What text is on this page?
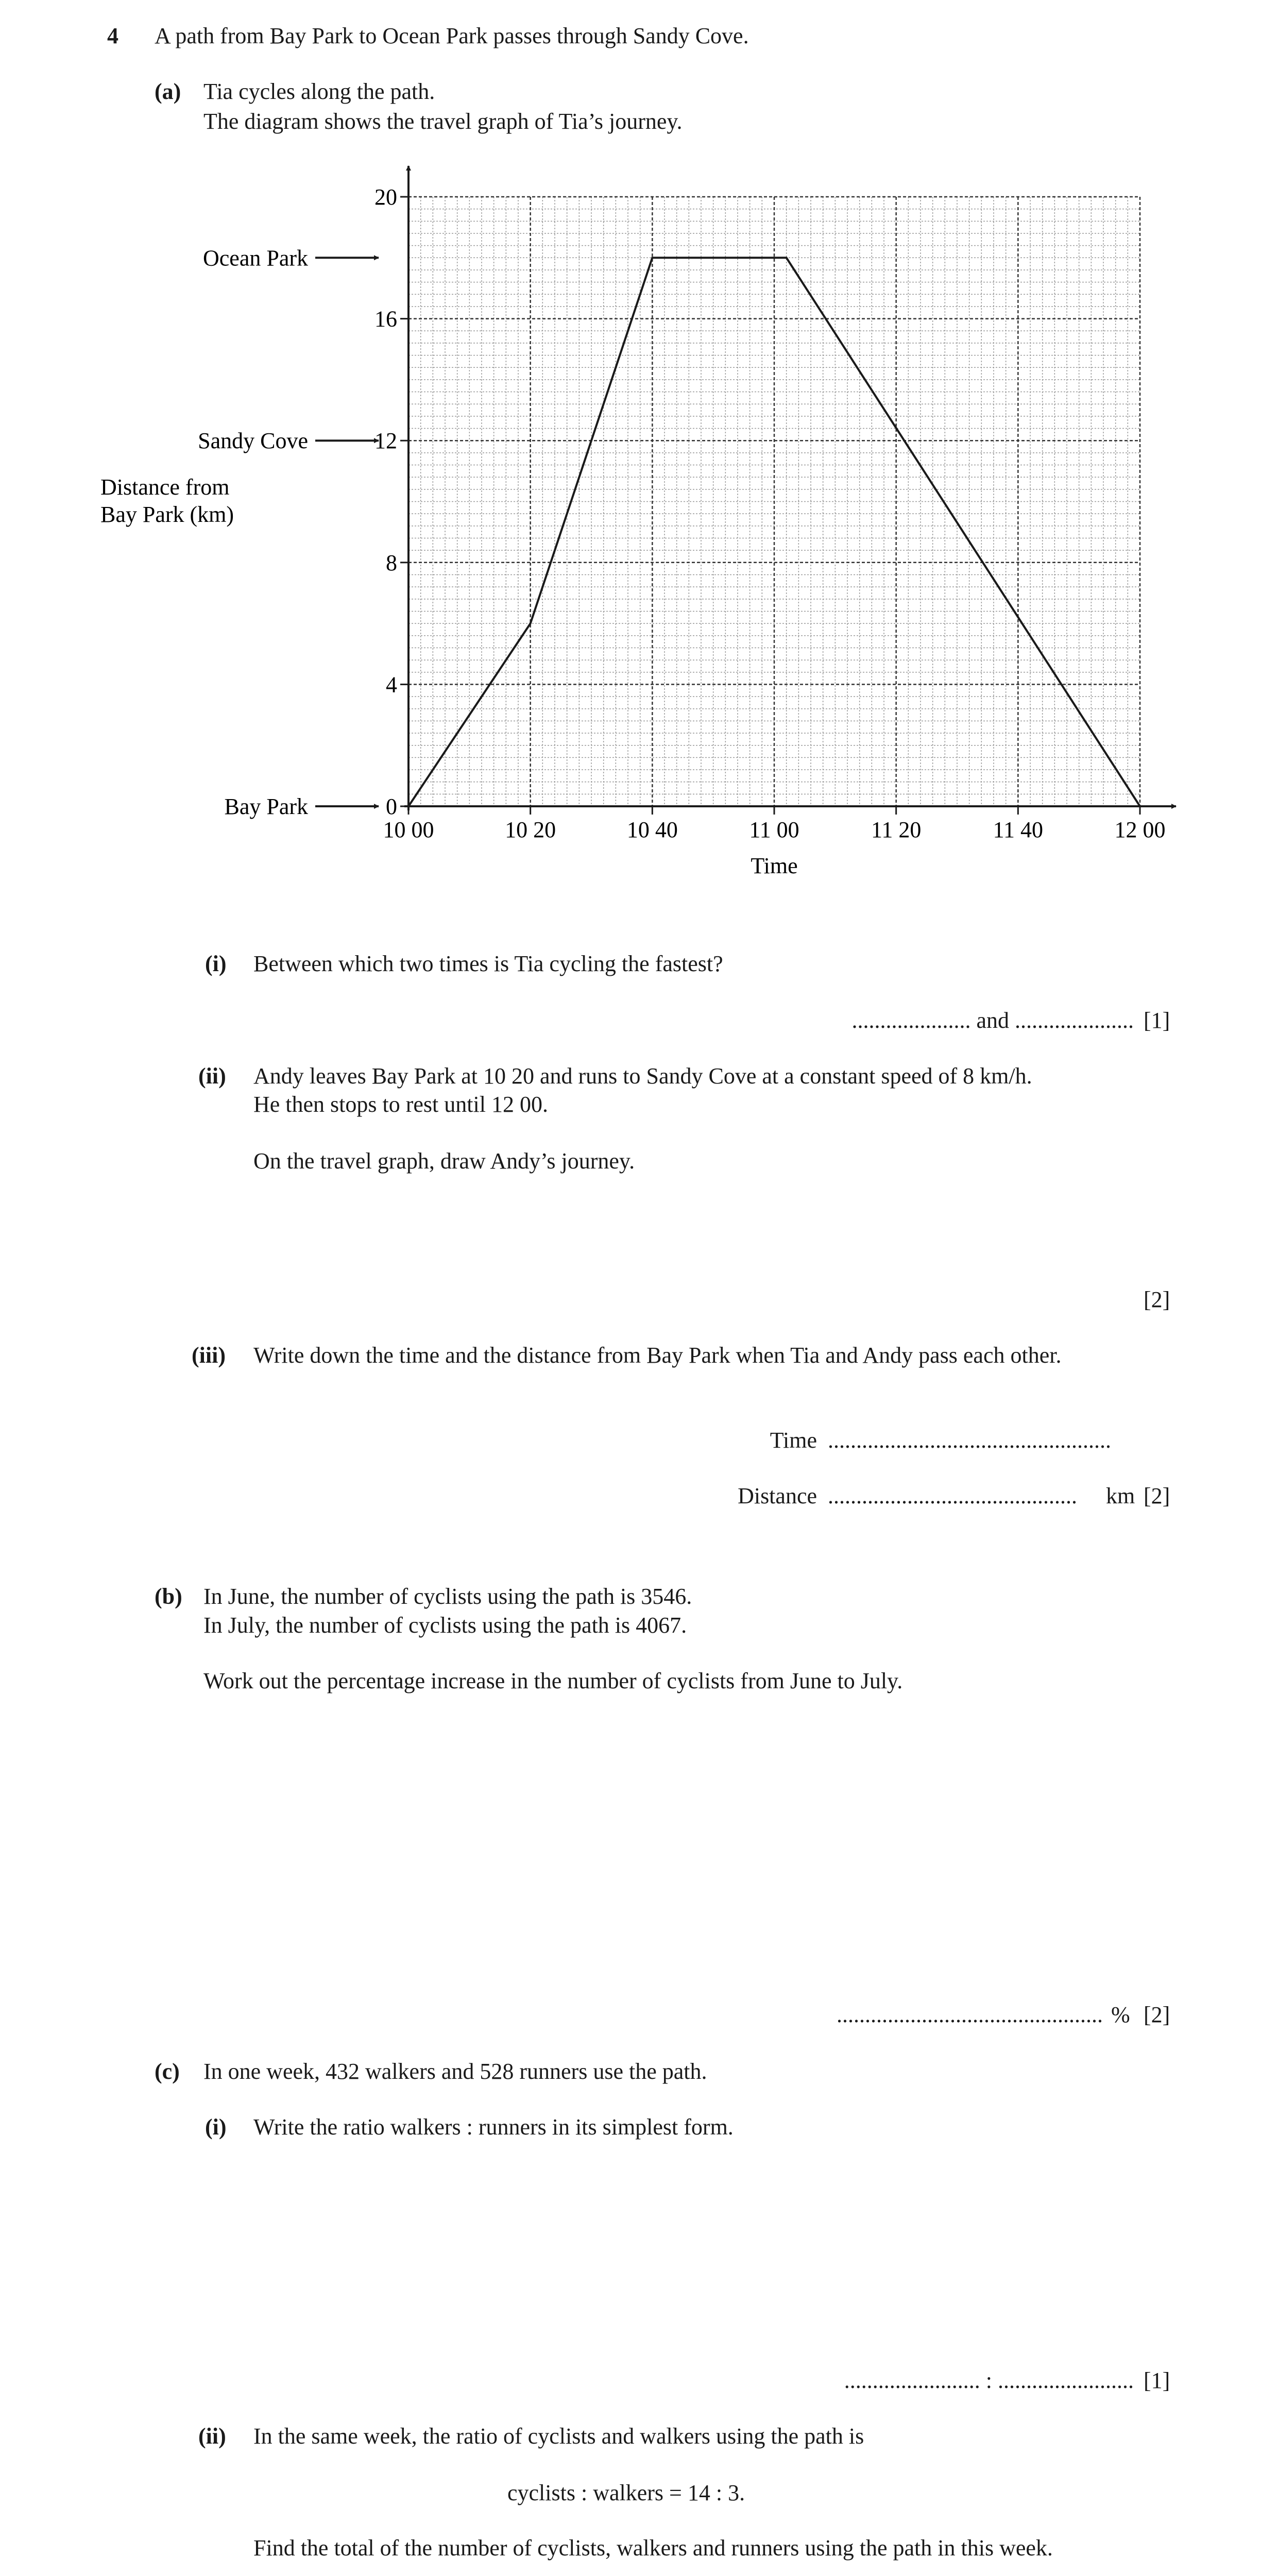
4 A path from Bay Park to Ocean Park passes through Sandy Cove.
(a) Tia cycles along the path.
The diagram shows the travel graph of Tia’s journey.
0
4
8
12
16
20
10 00	10 20	10 40	11 00	11 20	11 40	12 00
Bay Park
Sandy Cove
Ocean Park
Time
Distance from
Bay Park (km)
(i) Between which two times is Tia cycling the fastest?
..................... and ..................... [1]
(ii) Andy leaves Bay Park at 10 20 and runs to Sandy Cove at a constant speed of 8 km/h.
He then stops to rest until 12 00.
On the travel graph, draw Andy’s journey.
[2]
(iii) Write down the time and the distance from Bay Park when Tia and Andy pass each other.
Time ..................................................
Distance ............................................ km [2]
(b) In June, the number of cyclists using the path is 3546.
In July, the number of cyclists using the path is 4067.
Work out the percentage increase in the number of cyclists from June to July.
............................................... % [2]
(c) In one week, 432 walkers and 528 runners use the path.
(i) Write the ratio walkers : runners in its simplest form.
........................ : ........................ [1]
(ii) In the same week, the ratio of cyclists and walkers using the path is
cyclists : walkers = 14 : 3.
Find the total of the number of cyclists, walkers and runners using the path in this week.
